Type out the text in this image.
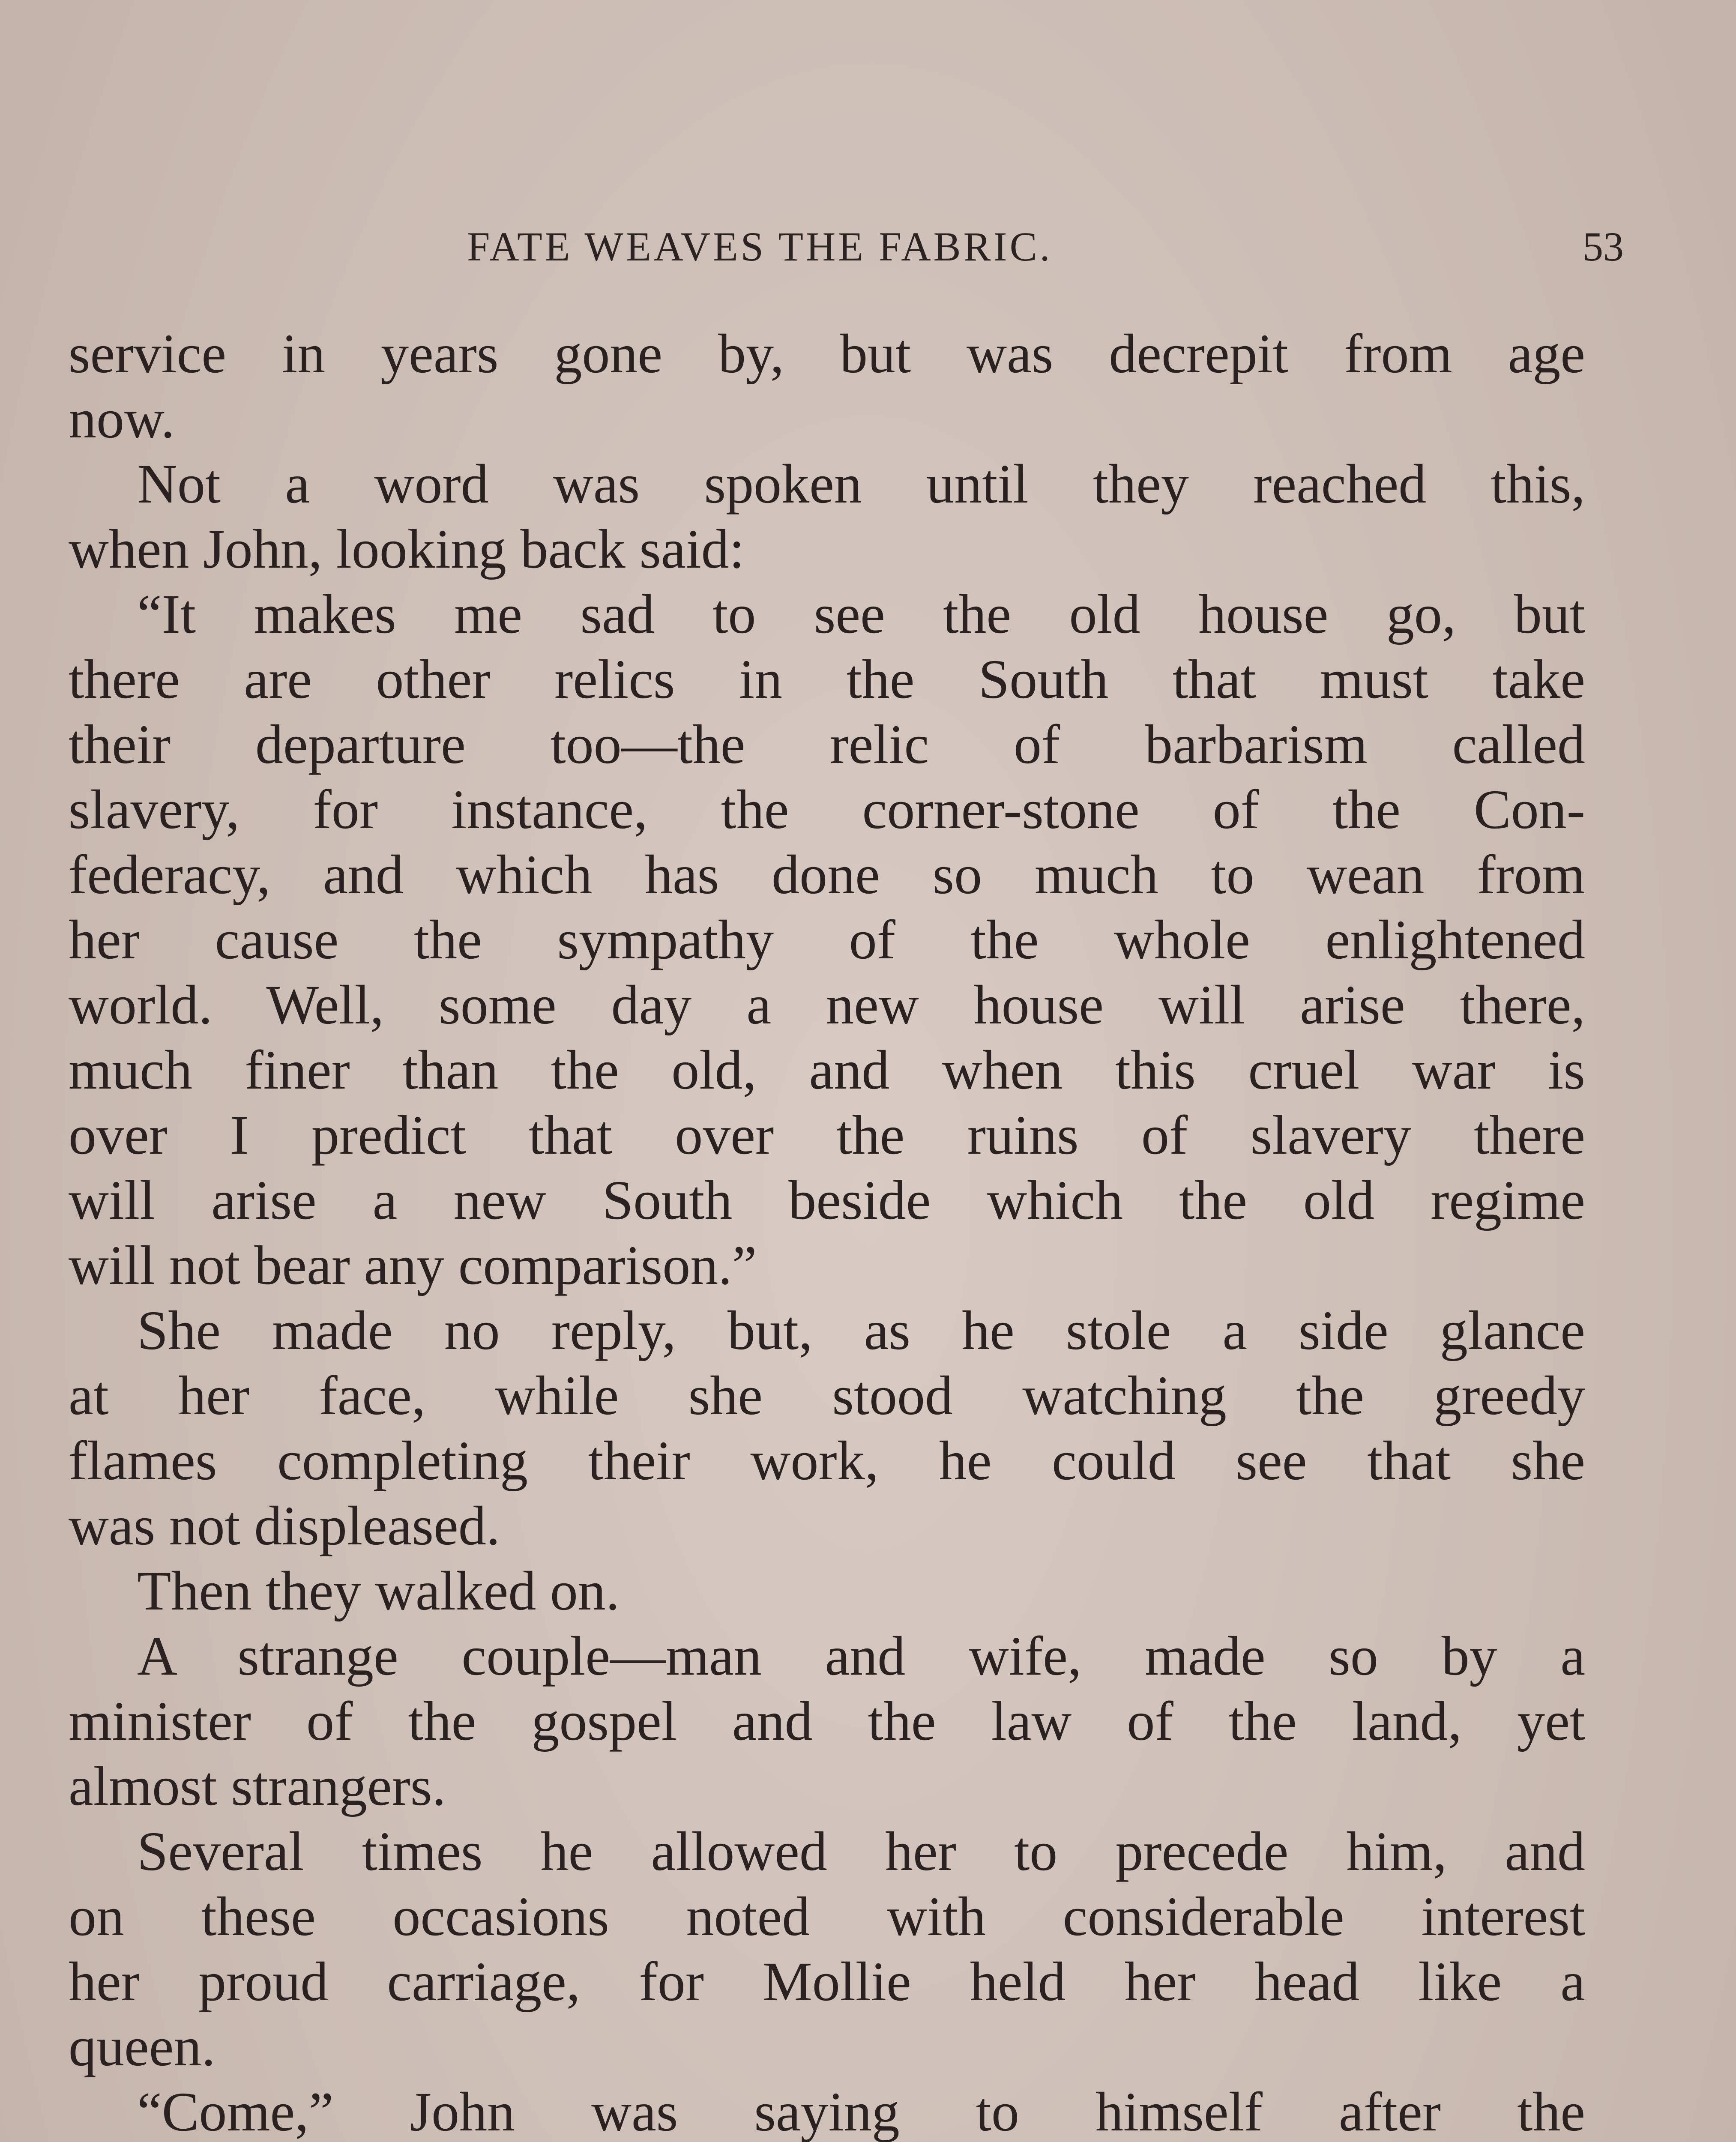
FATE WEAVES THE FABRIC.	53
service in years gone by, but was decrepit from age
now.
Not a word was spoken until they reached this,
when John, looking back said:
“It makes me sad to see the old house go, but
there are other relics in the South that must take
their departure too—the relic of barbarism called
slavery, for instance, the corner-stone of the Con-
federacy, and which has done so much to wean from
her cause the sympathy of the whole enlightened
world. Well, some day a new house will arise there,
much finer than the old, and when this cruel war is
over I predict that over the ruins of slavery there
will arise a new South beside which the old regime
will not bear any comparison.”
She made no reply, but, as he stole a side glance
at her face, while she stood watching the greedy
flames completing their work, he could see that she
was not displeased.
Then they walked on.
A strange couple—man and wife, made so by a
minister of the gospel and the law of the land, yet
almost strangers.
Several times he allowed her to precede him, and
on these occasions noted with considerable interest
her proud carriage, for Mollie held her head like a
queen.
“Come,” John was saying to himself after the
